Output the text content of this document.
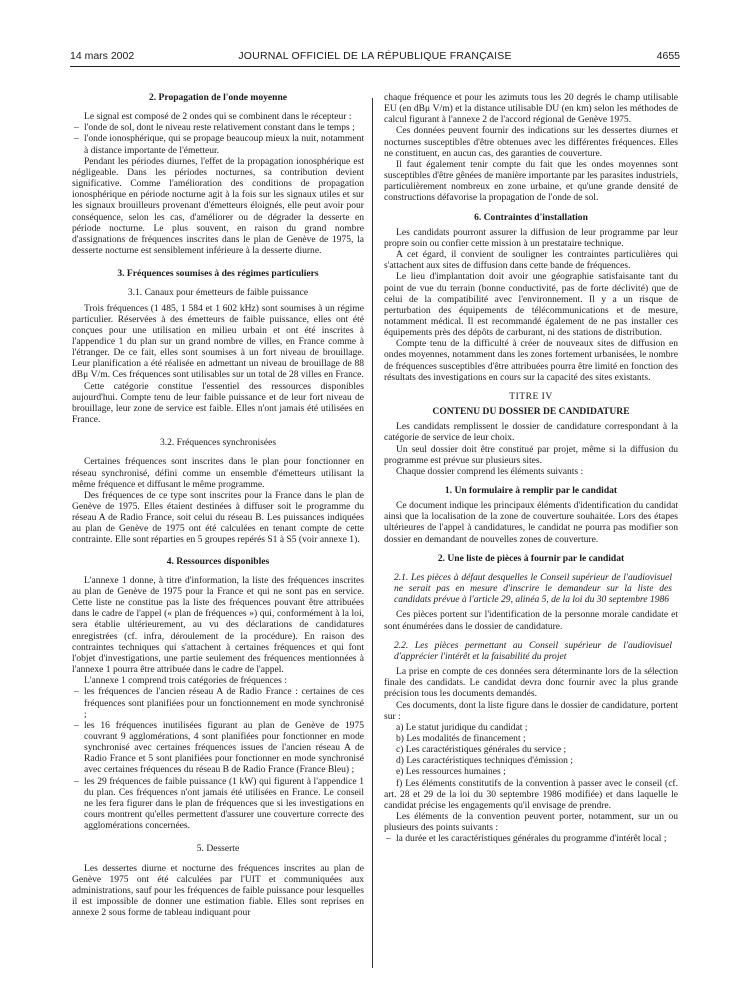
14 mars 2002	JOURNAL OFFICIEL DE LA RÉPUBLIQUE FRANÇAISE	4655

2. Propagation de l'onde moyenne

Le signal est composé de 2 ondes qui se combinent dans le récepteur :

– l'onde de sol, dont le niveau reste relativement constant dans le temps ;

– l'onde ionosphérique, qui se propage beaucoup mieux la nuit, notamment à distance importante de l'émetteur.

Pendant les périodes diurnes, l'effet de la propagation ionosphérique est négligeable. Dans les périodes nocturnes, sa contribution devient significative. Comme l'amélioration des conditions de propagation ionosphérique en période nocturne agit à la fois sur les signaux utiles et sur les signaux brouilleurs provenant d'émetteurs éloignés, elle peut avoir pour conséquence, selon les cas, d'améliorer ou de dégrader la desserte en période nocturne. Le plus souvent, en raison du grand nombre d'assignations de fréquences inscrites dans le plan de Genève de 1975, la desserte nocturne est sensiblement inférieure à la desserte diurne.

3. Fréquences soumises à des régimes particuliers

3.1. Canaux pour émetteurs de faible puissance

Trois fréquences (1 485, 1 584 et 1 602 kHz) sont soumises à un régime particulier. Réservées à des émetteurs de faible puissance, elles ont été conçues pour une utilisation en milieu urbain et ont été inscrites à l'appendice 1 du plan sur un grand nombre de villes, en France comme à l'étranger. De ce fait, elles sont soumises à un fort niveau de brouillage. Leur planification a été réalisée en admettant un niveau de brouillage de 88 dBμ V/m. Ces fréquences sont utilisables sur un total de 28 villes en France.

Cette catégorie constitue l'essentiel des ressources disponibles aujourd'hui. Compte tenu de leur faible puissance et de leur fort niveau de brouillage, leur zone de service est faible. Elles n'ont jamais été utilisées en France.

3.2. Fréquences synchronisées

Certaines fréquences sont inscrites dans le plan pour fonctionner en réseau synchronisé, défini comme un ensemble d'émetteurs utilisant la même fréquence et diffusant le même programme.

Des fréquences de ce type sont inscrites pour la France dans le plan de Genève de 1975. Elles étaient destinées à diffuser soit le programme du réseau A de Radio France, soit celui du réseau B. Les puissances indiquées au plan de Genève de 1975 ont été calculées en tenant compte de cette contrainte. Elle sont réparties en 5 groupes repérés S1 à S5 (voir annexe 1).

4. Ressources disponibles

L'annexe 1 donne, à titre d'information, la liste des fréquences inscrites au plan de Genève de 1975 pour la France et qui ne sont pas en service. Cette liste ne constitue pas la liste des fréquences pouvant être attribuées dans le cadre de l'appel (« plan de fréquences ») qui, conformément à la loi, sera établie ultérieurement, au vu des déclarations de candidatures enregistrées (cf. infra, déroulement de la procédure). En raison des contraintes techniques qui s'attachent à certaines fréquences et qui font l'objet d'investigations, une partie seulement des fréquences mentionnées à l'annexe 1 pourra être attribuée dans le cadre de l'appel.

L'annexe 1 comprend trois catégories de fréquences :

– les fréquences de l'ancien réseau A de Radio France : certaines de ces fréquences sont planifiées pour un fonctionnement en mode synchronisé ;

– les 16 fréquences inutilisées figurant au plan de Genève de 1975 couvrant 9 agglomérations, 4 sont planifiées pour fonctionner en mode synchronisé avec certaines fréquences issues de l'ancien réseau A de Radio France et 5 sont planifiées pour fonctionner en mode synchronisé avec certaines fréquences du réseau B de Radio France (France Bleu) ;

– les 29 fréquences de faible puissance (1 kW) qui figurent à l'appendice 1 du plan. Ces fréquences n'ont jamais été utilisées en France. Le conseil ne les fera figurer dans le plan de fréquences que si les investigations en cours montrent qu'elles permettent d'assurer une couverture correcte des agglomérations concernées.

5. Desserte

Les dessertes diurne et nocturne des fréquences inscrites au plan de Genève 1975 ont été calculées par l'UIT et communiquées aux administrations, sauf pour les fréquences de faible puissance pour lesquelles il est impossible de donner une estimation fiable. Elles sont reprises en annexe 2 sous forme de tableau indiquant pour

chaque fréquence et pour les azimuts tous les 20 degrés le champ utilisable EU (en dBμ V/m) et la distance utilisable DU (en km) selon les méthodes de calcul figurant à l'annexe 2 de l'accord régional de Genève 1975.

Ces données peuvent fournir des indications sur les dessertes diurnes et nocturnes susceptibles d'être obtenues avec les différentes fréquences. Elles ne constituent, en aucun cas, des garanties de couverture.

Il faut également tenir compte du fait que les ondes moyennes sont susceptibles d'être gênées de manière importante par les parasites industriels, particulièrement nombreux en zone urbaine, et qu'une grande densité de constructions défavorise la propagation de l'onde de sol.

6. Contraintes d'installation

Les candidats pourront assurer la diffusion de leur programme par leur propre soin ou confier cette mission à un prestataire technique.

A cet égard, il convient de souligner les contraintes particulières qui s'attachent aux sites de diffusion dans cette bande de fréquences.

Le lieu d'implantation doit avoir une géographie satisfaisante tant du point de vue du terrain (bonne conductivité, pas de forte déclivité) que de celui de la compatibilité avec l'environnement. Il y a un risque de perturbation des équipements de télécommunications et de mesure, notamment médical. Il est recommandé également de ne pas installer ces équipements près des dépôts de carburant, ni des stations de distribution.

Compte tenu de la difficulté à créer de nouveaux sites de diffusion en ondes moyennes, notamment dans les zones fortement urbanisées, le nombre de fréquences susceptibles d'être attribuées pourra être limité en fonction des résultats des investigations en cours sur la capacité des sites existants.

TITRE IV

CONTENU DU DOSSIER DE CANDIDATURE

Les candidats remplissent le dossier de candidature correspondant à la catégorie de service de leur choix.

Un seul dossier doit être constitué par projet, même si la diffusion du programme est prévue sur plusieurs sites.

Chaque dossier comprend les éléments suivants :

1. Un formulaire à remplir par le candidat

Ce document indique les principaux éléments d'identification du candidat ainsi que la localisation de la zone de couverture souhaitée. Lors des étapes ultérieures de l'appel à candidatures, le candidat ne pourra pas modifier son dossier en demandant de nouvelles zones de couverture.

2. Une liste de pièces à fournir par le candidat

2.1. Les pièces à défaut desquelles le Conseil supérieur de l'audiovisuel ne serait pas en mesure d'inscrire le demandeur sur la liste des candidats prévue à l'article 29, alinéa 5, de la loi du 30 septembre 1986

Ces pièces portent sur l'identification de la personne morale candidate et sont énumérées dans le dossier de candidature.

2.2. Les pièces permettant au Conseil supérieur de l'audiovisuel d'apprécier l'intérêt et la faisabilité du projet

La prise en compte de ces données sera déterminante lors de la sélection finale des candidats. Le candidat devra donc fournir avec la plus grande précision tous les documents demandés.

Ces documents, dont la liste figure dans le dossier de candidature, portent sur :

a) Le statut juridique du candidat ;

b) Les modalités de financement ;

c) Les caractéristiques générales du service ;

d) Les caractéristiques techniques d'émission ;

e) Les ressources humaines ;

f) Les éléments constitutifs de la convention à passer avec le conseil (cf. art. 28 et 29 de la loi du 30 septembre 1986 modifiée) et dans laquelle le candidat précise les engagements qu'il envisage de prendre.

Les éléments de la convention peuvent porter, notamment, sur un ou plusieurs des points suivants :

– la durée et les caractéristiques générales du programme d'intérêt local ;
